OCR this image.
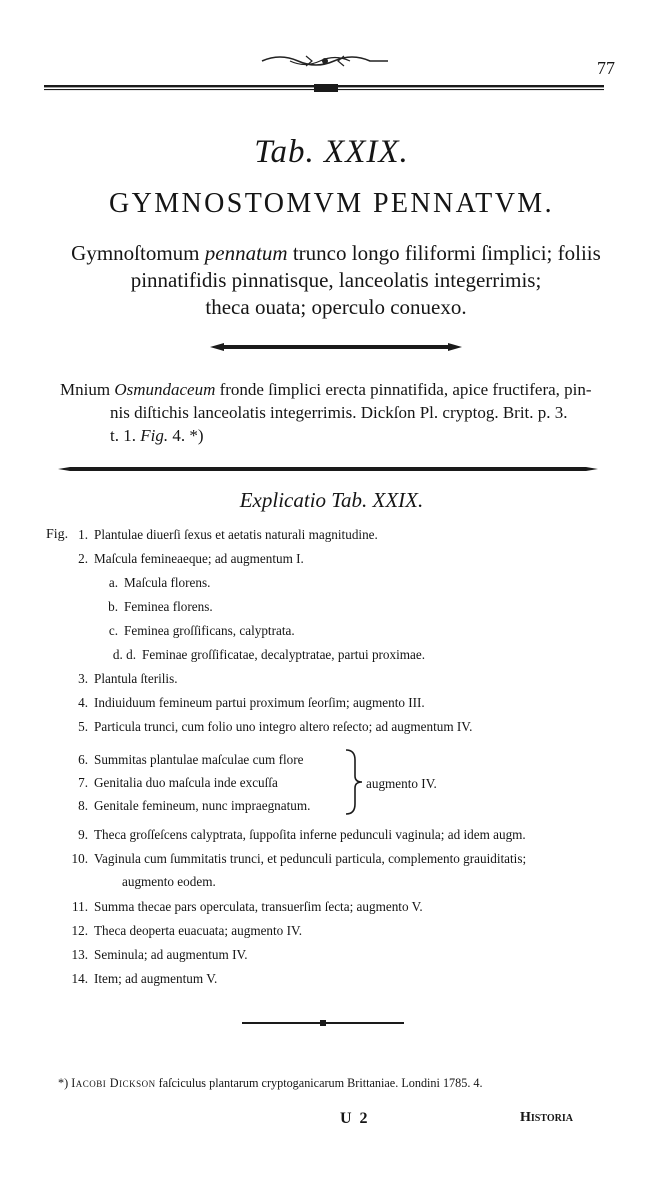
77
Tab. XXIX.
GYMNOSTOMVM PENNATVM.
Gymnoſtomum pennatum trunco longo filiformi ſimplici; foliis
pinnatifidis pinnatisque, lanceolatis integerrimis;
theca ouata; operculo conuexo.
Mnium Osmundaceum fronde ſimplici erecta pinnatifida, apice fructifera, pin-
nis diſtichis lanceolatis integerrimis. Dickſon Pl. cryptog. Brit. p. 3.
t. 1. Fig. 4. *)
Explicatio Tab. XXIX.
Fig. 1. Plantulae diuerſi ſexus et aetatis naturali magnitudine.
2. Maſcula femineaeque; ad augmentum I.
a. Maſcula florens.
b. Feminea florens.
c. Feminea groſſificans, calyptrata.
d. d. Feminae groſſificatae, decalyptratae, partui proximae.
3. Plantula ſterilis.
4. Indiuiduum femineum partui proximum ſeorſim; augmento III.
5. Particula trunci, cum folio uno integro altero reſecto; ad augmentum IV.
6. Summitas plantulae maſculae cum flore
7. Genitalia duo maſcula inde excuſſa
8. Genitale femineum, nunc impraegnatum.
9. Theca groſſeſcens calyptrata, ſuppoſita inferne pedunculi vaginula; ad idem augm.
10. Vaginula cum ſummitatis trunci, et pedunculi particula, complemento grauiditatis;
augmento eodem.
11. Summa thecae pars operculata, transuerſim ſecta; augmento V.
12. Theca deoperta euacuata; augmento IV.
13. Seminula; ad augmentum IV.
14. Item; ad augmentum V.
augmento IV.
*) Iacobi Dickson faſciculus plantarum cryptoganicarum Brittaniae. Londini 1785. 4.
U 2	Historia
